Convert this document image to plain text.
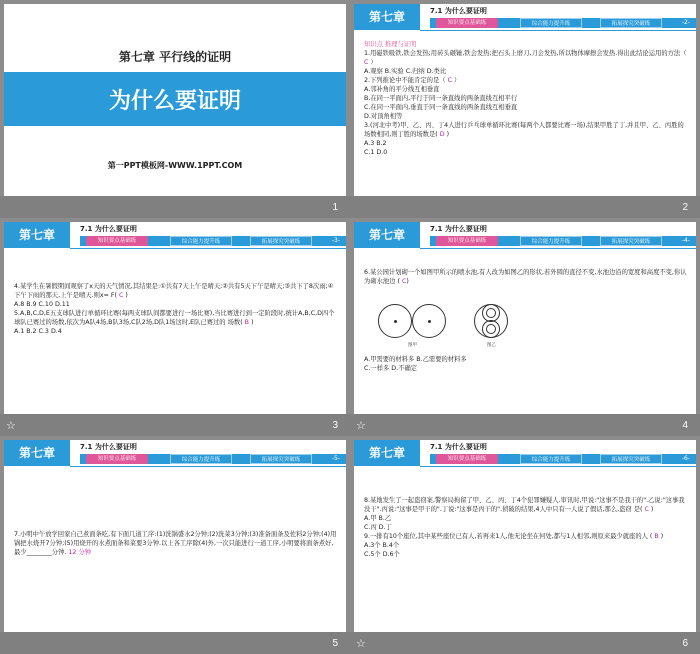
第七章 平行线的证明
为什么要证明
第一PPT模板网-WWW.1PPT.COM
1
第七章	7.1 为什么要证明
知识要点基础练	综合能力提升练	拓展探究突破练	-2-

知识点 推理与证明

1.用磁铁吸铁,铁会发热;用砖头砸锤,铁会发热;把石头上磨刀,刀会发热,所以物体摩擦会发热.得出此结论运用的方法（ C ）

A.观察 B.实验 C.归纳 D.类比

2.下列推论中不能肯定的是（ C ）

A.邻补角的平分线互相垂直

B.在同一平面内,平行于同一条直线的两条直线互相平行

C.在同一平面内,垂直于同一条直线的两条直线互相垂直

D.对顶角相等

3.(河北中考)甲、乙、丙、丁4人进行乒乓球单循环比赛(每两个人都要比赛一场),结果甲胜了丁,并且甲、乙、丙胜的场数相同,则丁胜的场数是( D )

A.3 B.2

C.1 D.0

2
第七章	7.1 为什么要证明
知识要点基础练	综合能力提升练	拓展探究突破练	-3-

4.某学生在暑假期间观察了x天的天气情况,其结果是:①共有7天上午是晴天;②共有5天下午是晴天;③共下了8次雨;④下午下雨的那天,上午是晴天.则x= F( C )

A.8 B.9 C.10 D.11

5.A,B,C,D,E五支球队进行单循环比赛(每两支球队间都要进行一场比赛),当比赛进行到一定阶段时,统计A,B,C,D四个球队已赛过的场数,依次为A队4场,B队3场,C队2场,D队1场这时,E队已赛过的 场数( B )

A.1 B.2 C.3 D.4

☆	3
第七章	7.1 为什么要证明
知识要点基础练	综合能力提升练	拓展探究突破练	-4-

6.某公园计划砌一个如图甲所示的喷水池,有人改为如图乙的形状,若外圆的直径不变,水池边沿的宽度和高度不变,你认为砌水池边 ( C)

图甲	图乙

A.甲需要的材料多 B.乙需要的材料多

C.一样多 D.不确定

☆	4
第七章	7.1 为什么要证明
知识要点基础练	综合能力提升练	拓展探究突破练	-5-

7.小明中午放学回家自己煮面条吃,有下面几道工序:(1)洗锅盛水2分钟;(2)洗菜3分钟;(3)准备面条及佐料2分钟;(4)用锅把水烧开7分钟;(5)用烧开的水煮面条和菜要3分钟.以上各工序除(4)外,一次只能进行一道工序,小明要将面条煮好,最少________分钟. 12 分钟

5
第七章	7.1 为什么要证明
知识要点基础练	综合能力提升练	拓展探究突破练	-6-

8.某地发生了一起盗窃案,警察局拘留了甲、乙、丙、丁4个犯罪嫌疑人.审讯时,甲说:"这事不是我干的".乙说:"这事我没干".丙说:"这事是甲干的".丁说:"这事是丙干的".侦破的结果,4人中只有一人说了假话,那么,盗窃 是( C )

A.甲 B.乙

C.丙 D.丁

9.一排有10个座位,其中某些座位已有人,若再来1人,他无论坐在何处,都与1人相邻,则原来最少就座的人 ( B )

A.3个 B.4个

C.5个 D.6个

☆	6
